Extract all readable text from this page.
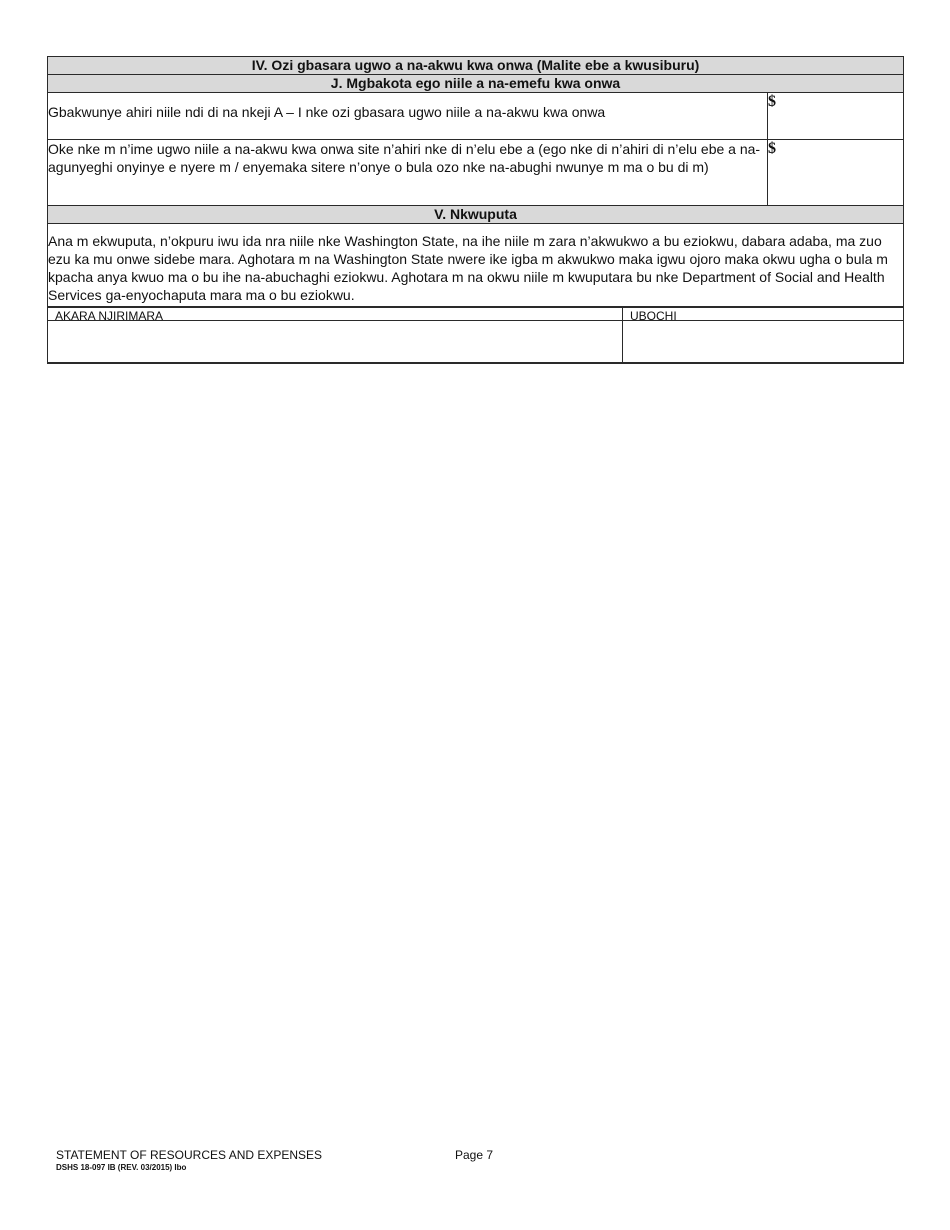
IV. Ozi gbasara ugwo a na-akwu kwa onwa (Malite ebe a kwusiburu)	
J. Mgbakota ego niile a na-emefu kwa onwa	
Gbakwunye ahiri niile ndi di na nkeji A – I nke ozi gbasara ugwo niile a na-akwu kwa onwa	$
Oke nke m n’ime ugwo niile a na-akwu kwa onwa site n’ahiri nke di n’elu ebe a (ego nke di n’ahiri di n’elu ebe a na-agunyeghi onyinye e nyere m / enyemaka sitere n’onye o bula ozo nke na-abughi nwunye m ma o bu di m)	$
V. Nkwuputa	
Ana m ekwuputa, n’okpuru iwu ida nra niile nke Washington State, na ihe niile m zara n’akwukwo a bu eziokwu, dabara adaba, ma zuo ezu ka mu onwe sidebe mara. Aghotara m na Washington State nwere ike igba m akwukwo maka igwu ojoro maka okwu ugha o bula m kpacha anya kwuo ma o bu ihe na-abuchaghi eziokwu. Aghotara m na okwu niile m kwuputara bu nke Department of Social and Health Services ga-enyochaputa mara ma o bu eziokwu.	
AKARA NJIRIMARA	UBOCHI
STATEMENT OF RESOURCES AND EXPENSES	Page 7
DSHS 18-097 IB (REV. 03/2015) Ibo
